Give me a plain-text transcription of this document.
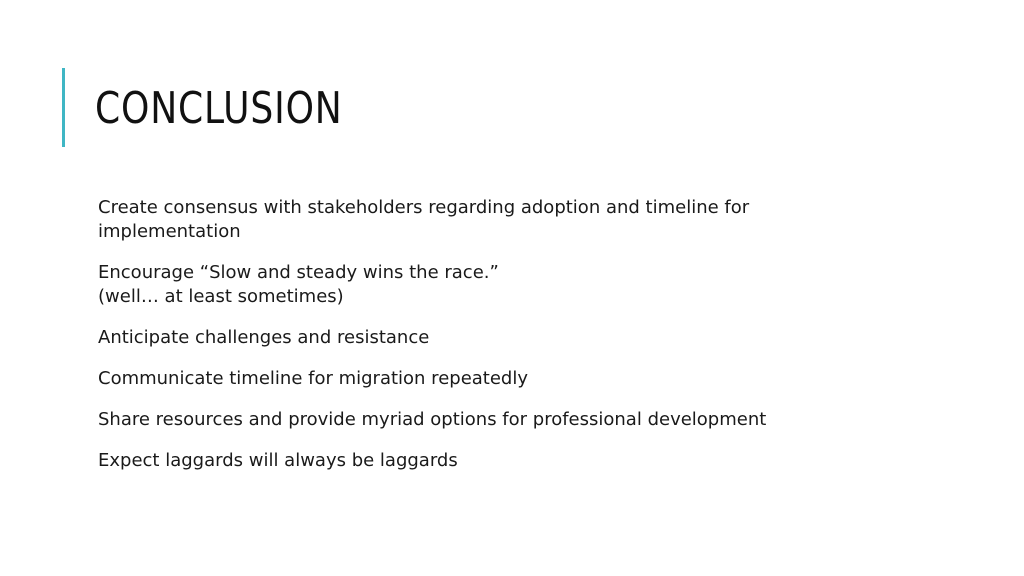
CONCLUSION
Create consensus with stakeholders regarding adoption and timeline for
implementation
Encourage “Slow and steady wins the race.”
(well… at least sometimes)
Anticipate challenges and resistance
Communicate timeline for migration repeatedly
Share resources and provide myriad options for professional development
Expect laggards will always be laggards
